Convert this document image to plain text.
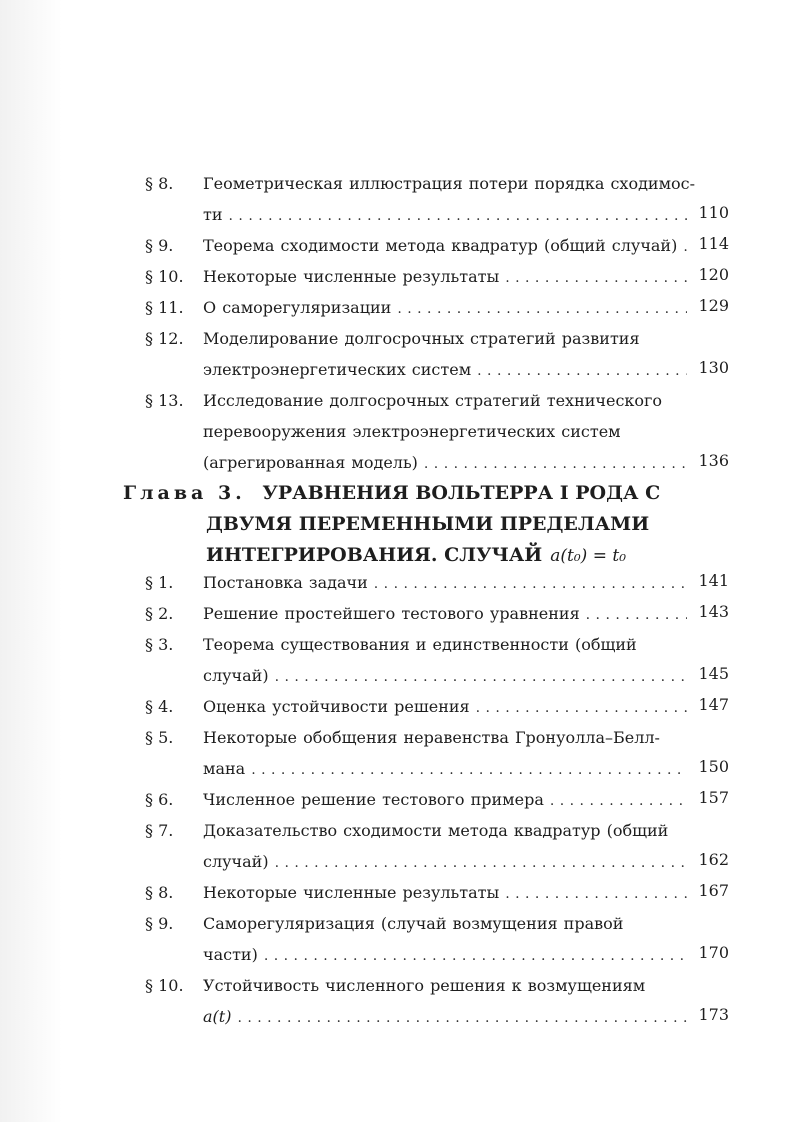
§ 8. Геометрическая иллюстрация потери порядка сходимос-
ти . . .	110
§ 9. Теорема сходимости метода квадратур (общий случай) . . .	114
§ 10. Некоторые численные результаты . . .	120
§ 11. О саморегуляризации . . .	129
§ 12. Моделирование долгосрочных стратегий развития
электроэнергетических систем . . .	130
§ 13. Исследование долгосрочных стратегий технического
перевооружения электроэнергетических систем
(агрегированная модель) . . .	136
Глава 3. УРАВНЕНИЯ ВОЛЬТЕРРА I РОДА С
ДВУМЯ ПЕРЕМЕННЫМИ ПРЕДЕЛАМИ
ИНТЕГРИРОВАНИЯ. СЛУЧАЙ a(t₀) = t₀
§ 1. Постановка задачи . . .	141
§ 2. Решение простейшего тестового уравнения . . .	143
§ 3. Теорема существования и единственности (общий
случай) . . .	145
§ 4. Оценка устойчивости решения . . .	147
§ 5. Некоторые обобщения неравенства Гронуолла–Белл-
мана . . .	150
§ 6. Численное решение тестового примера . . .	157
§ 7. Доказательство сходимости метода квадратур (общий
случай) . . .	162
§ 8. Некоторые численные результаты . . .	167
§ 9. Саморегуляризация (случай возмущения правой
части) . . .	170
§ 10. Устойчивость численного решения к возмущениям
a(t) . . .	173
